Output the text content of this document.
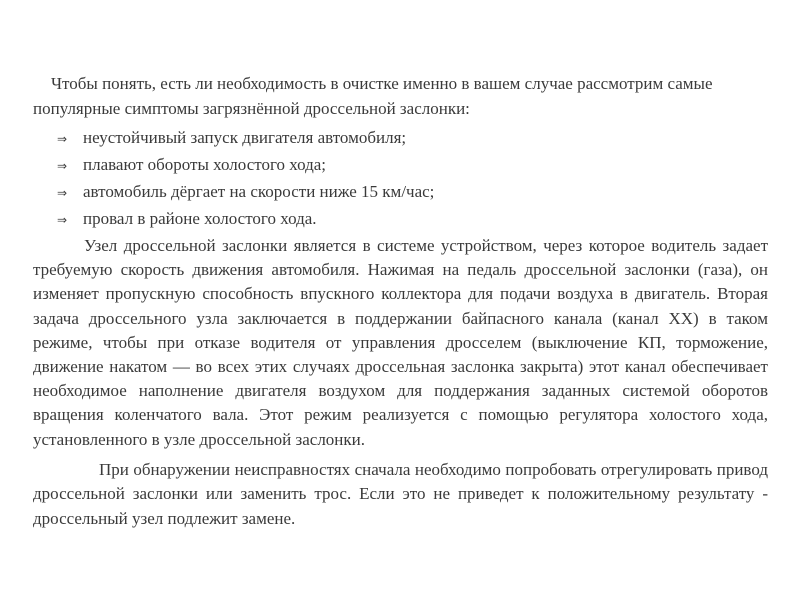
Чтобы понять, есть ли необходимость в очистке именно в вашем случае рассмотрим самые популярные симптомы загрязнённой дроссельной заслонки:

⇒ неустойчивый запуск двигателя автомобиля;
⇒ плавают обороты холостого хода;
⇒ автомобиль дёргает на скорости ниже 15 км/час;
⇒ провал в районе холостого хода.

Узел дроссельной заслонки является в системе устройством, через которое водитель задает требуемую скорость движения автомобиля. Нажимая на педаль дроссельной заслонки (газа), он изменяет пропускную способность впускного коллектора для подачи воздуха в двигатель. Вторая задача дроссельного узла заключается в поддержании байпасного канала (канал XX) в таком режиме, чтобы при отказе водителя от управления дросселем (выключение КП, торможение, движение накатом — во всех этих случаях дроссельная заслонка закрыта) этот канал обеспечивает необходимое наполнение двигателя воздухом для поддержания заданных системой оборотов вращения коленчатого вала. Этот режим реализуется с помощью регулятора холостого хода, установленного в узле дроссельной заслонки.

При обнаружении неисправностях сначала необходимо попробовать отрегулировать привод дроссельной заслонки или заменить трос. Если это не приведет к положительному результату - дроссельный узел подлежит замене.
